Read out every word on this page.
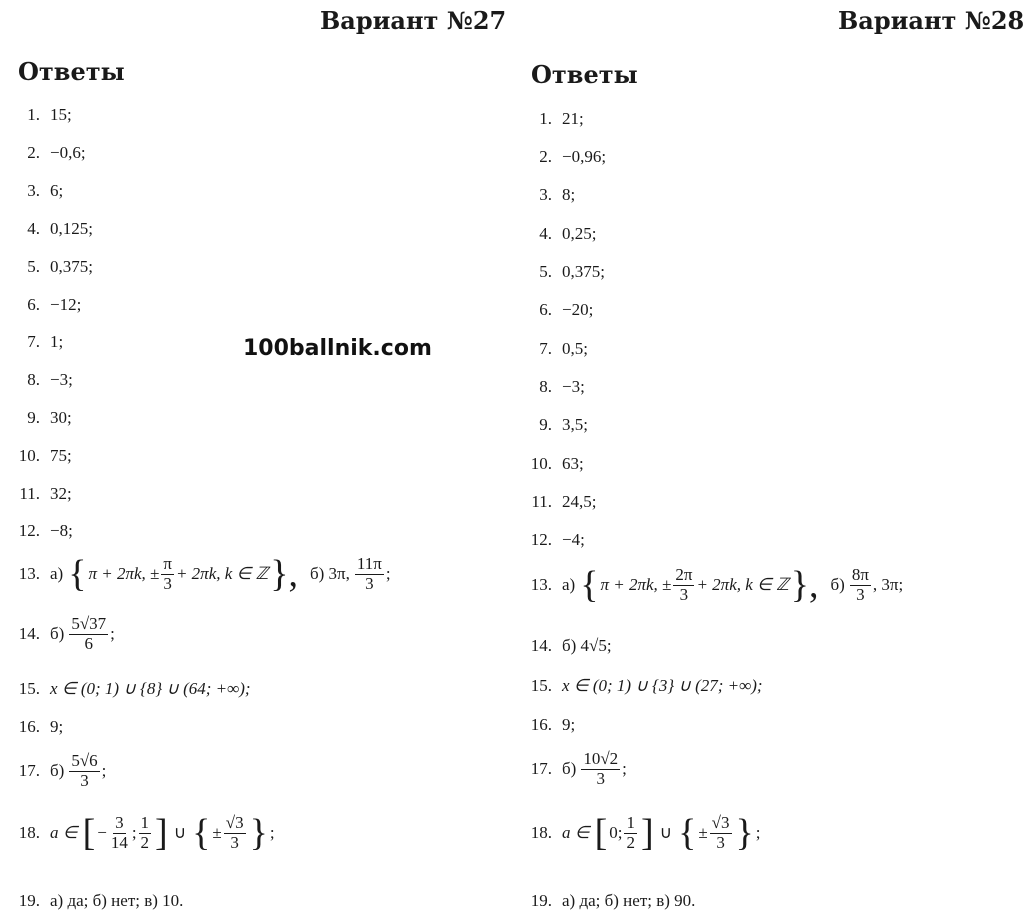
Вариант №27	Вариант №28
Ответы	Ответы
100ballnik.com
1. 15;
2. −0,6;
3. 6;
4. 0,125;
5. 0,375;
6. −12;
7. 1;
8. −3;
9. 30;
10. 75;
11. 32;
12. −8;
13. а) { π + 2πk, ± $\frac{\pi}{3} + 2\pi k$, k ∈ ℤ }, б) 3π, $\frac{11\pi}{3}$ ;
14. $б) \frac{5√37}{6}$ ;
15. x ∈ (0; 1) ∪ {8} ∪ (64; +∞);
16. 9;
17. $б) \frac{5√6}{3}$ ;
18. a ∈ [ − $\frac{3}{14}$ ; $\frac{1}{2}$ ] ∪ { ± $\frac{√3}{3}$ } ;
19. а) да; б) нет; в) 10.
1. 21;
2. −0,96;
3. 8;
4. 0,25;
5. 0,375;
6. −20;
7. 0,5;
8. −3;
9. 3,5;
10. 63;
11. 24,5;
12. −4;
13. а) { π + 2πk, ± $\frac{2\pi}{3} + 2\pi k$, k ∈ ℤ }, $б) \frac{8\pi}{3}$ , 3π;
14. б) 4√5;
15. x ∈ (0; 1) ∪ {3} ∪ (27; +∞);
16. 9;
17. $б) \frac{10√2}{3}$ ;
18. a ∈ [ 0; $\frac{1}{2}$ ] ∪ { ± $\frac{√3}{3}$ } ;
19. а) да; б) нет; в) 90.
